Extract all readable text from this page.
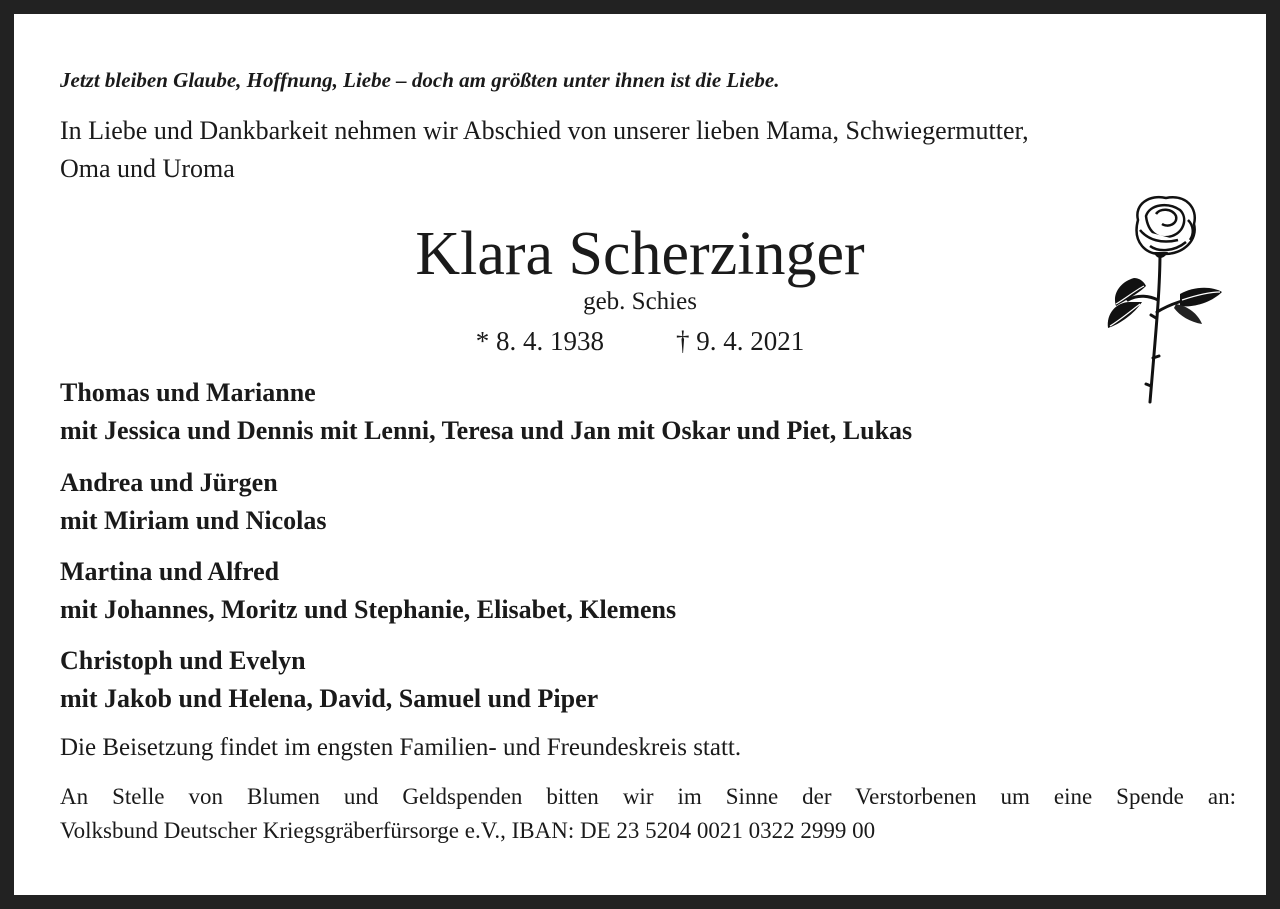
Jetzt bleiben Glaube, Hoffnung, Liebe – doch am größten unter ihnen ist die Liebe.
In Liebe und Dankbarkeit nehmen wir Abschied von unserer lieben Mama, Schwiegermutter,
Oma und Uroma
Klara Scherzinger
geb. Schies
* 8. 4. 1938	† 9. 4. 2021
Thomas und Marianne
mit Jessica und Dennis mit Lenni, Teresa und Jan mit Oskar und Piet, Lukas
Andrea und Jürgen
mit Miriam und Nicolas
Martina und Alfred
mit Johannes, Moritz und Stephanie, Elisabet, Klemens
Christoph und Evelyn
mit Jakob und Helena, David, Samuel und Piper
Die Beisetzung findet im engsten Familien- und Freundeskreis statt.
An Stelle von Blumen und Geldspenden bitten wir im Sinne der Verstorbenen um eine Spende an:
Volksbund Deutscher Kriegsgräberfürsorge e.V., IBAN: DE 23 5204 0021 0322 2999 00
